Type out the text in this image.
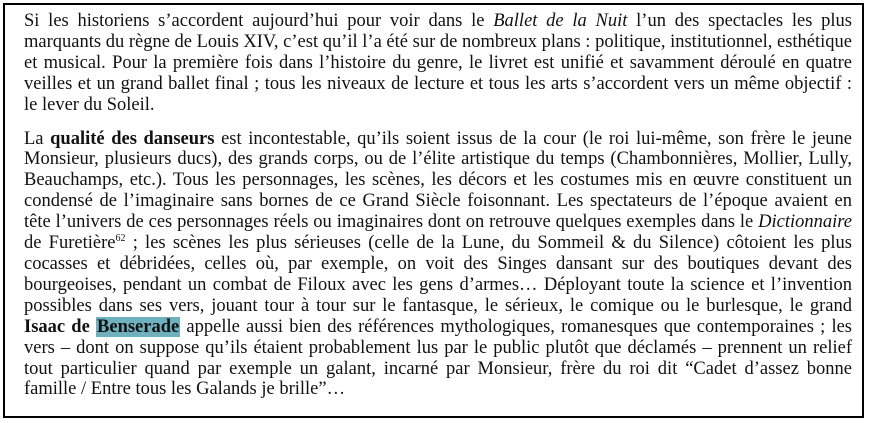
Si les historiens s’accordent aujourd’hui pour voir dans le Ballet de la Nuit l’un des spectacles les plus marquants du règne de Louis XIV, c’est qu’il l’a été sur de nombreux plans : politique, institutionnel, esthétique et musical. Pour la première fois dans l’histoire du genre, le livret est unifié et savamment déroulé en quatre veilles et un grand ballet final ; tous les niveaux de lecture et tous les arts s’accordent vers un même objectif : le lever du Soleil.

La qualité des danseurs est incontestable, qu’ils soient issus de la cour (le roi lui-même, son frère le jeune Monsieur, plusieurs ducs), des grands corps, ou de l’élite artistique du temps (Chambonnières, Mollier, Lully, Beauchamps, etc.). Tous les personnages, les scènes, les décors et les costumes mis en œuvre constituent un condensé de l’imaginaire sans bornes de ce Grand Siècle foisonnant. Les spectateurs de l’époque avaient en tête l’univers de ces personnages réels ou imaginaires dont on retrouve quelques exemples dans le Dictionnaire de Furetière$^{62}$ ; les scènes les plus sérieuses (celle de la Lune, du Sommeil & du Silence) côtoient les plus cocasses et débridées, celles où, par exemple, on voit des Singes dansant sur des boutiques devant des bourgeoises, pendant un combat de Filoux avec les gens d’armes… Déployant toute la science et l’invention possibles dans ses vers, jouant tour à tour sur le fantasque, le sérieux, le comique ou le burlesque, le grand Isaac de Benserade appelle aussi bien des références mythologiques, romanesques que contemporaines ; les vers – dont on suppose qu’ils étaient probablement lus par le public plutôt que déclamés – prennent un relief tout particulier quand par exemple un galant, incarné par Monsieur, frère du roi dit “Cadet d’assez bonne famille / Entre tous les Galands je brille”…
